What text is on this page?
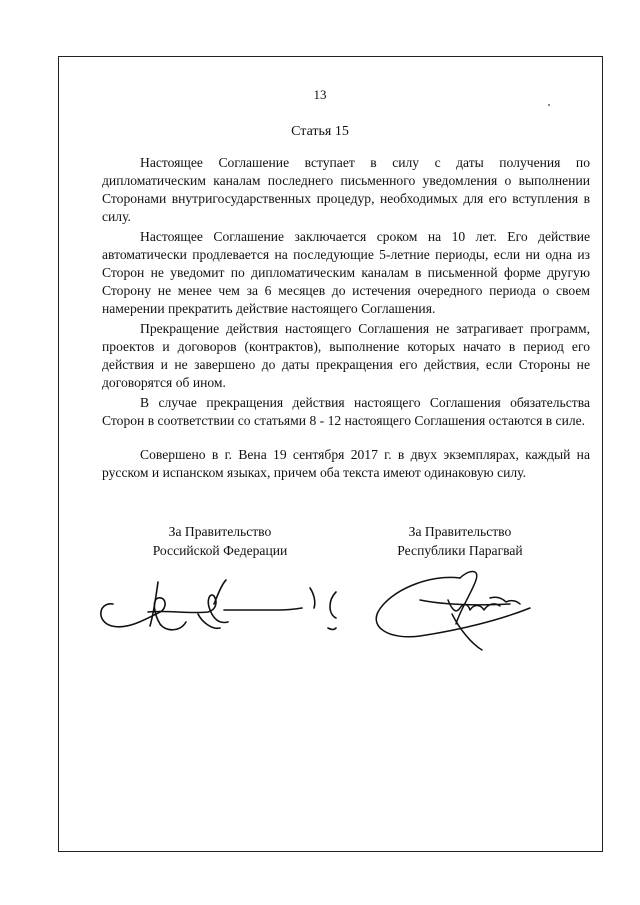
13
Статья 15

Настоящее Соглашение вступает в силу с даты получения по дипломатическим каналам последнего письменного уведомления о выполнении Сторонами внутригосударственных процедур, необходимых для его вступления в силу.

Настоящее Соглашение заключается сроком на 10 лет. Его действие автоматически продлевается на последующие 5-летние периоды, если ни одна из Сторон не уведомит по дипломатическим каналам в письменной форме другую Сторону не менее чем за 6 месяцев до истечения очередного периода о своем намерении прекратить действие настоящего Соглашения.

Прекращение действия настоящего Соглашения не затрагивает программ, проектов и договоров (контрактов), выполнение которых начато в период его действия и не завершено до даты прекращения его действия, если Стороны не договорятся об ином.

В случае прекращения действия настоящего Соглашения обязательства Сторон в соответствии со статьями 8 - 12 настоящего Соглашения остаются в силе.

Совершено в г. Вена 19 сентября 2017 г. в двух экземплярах, каждый на русском и испанском языках, причем оба текста имеют одинаковую силу.

За Правительство
Российской Федерации
За Правительство
Республики Парагвай
